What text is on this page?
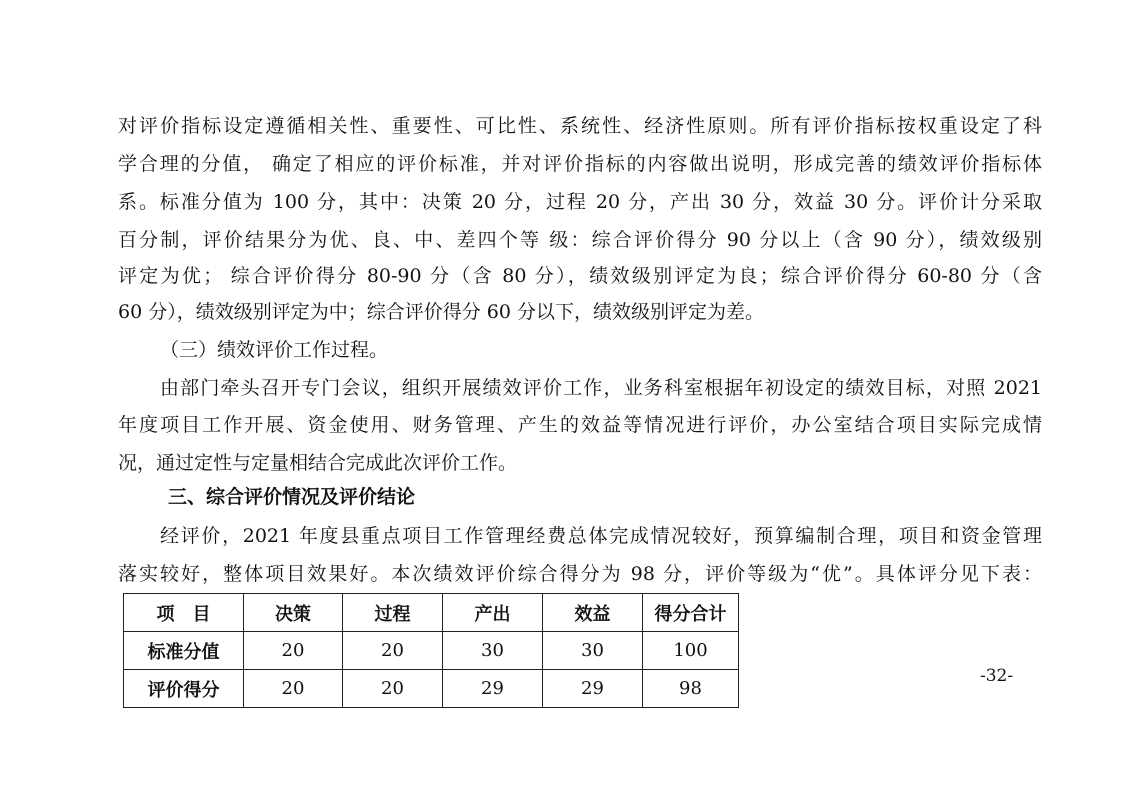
对评价指标设定遵循相关性、重要性、可比性、系统性、经济性原则。所有评价指标按权重设定了科
学合理的分值， 确定了相应的评价标准，并对评价指标的内容做出说明，形成完善的绩效评价指标体
系。标准分值为 100 分，其中：决策 20 分，过程 20 分，产出 30 分，效益 30 分。评价计分采取
百分制，评价结果分为优、良、中、差四个等 级：综合评价得分 90 分以上（含 90 分），绩效级别
评定为优； 综合评价得分 80-90 分（含 80 分），绩效级别评定为良；综合评价得分 60-80 分（含
60 分），绩效级别评定为中；综合评价得分 60 分以下，绩效级别评定为差。
（三）绩效评价工作过程。
由部门牵头召开专门会议，组织开展绩效评价工作，业务科室根据年初设定的绩效目标，对照 2021
年度项目工作开展、资金使用、财务管理、产生的效益等情况进行评价，办公室结合项目实际完成情
况，通过定性与定量相结合完成此次评价工作。
三、综合评价情况及评价结论
经评价，2021 年度县重点项目工作管理经费总体完成情况较好，预算编制合理，项目和资金管理
落实较好，整体项目效果好。本次绩效评价综合得分为 98 分，评价等级为“优”。具体评分见下表：
项　目	决策	过程	产出	效益	得分合计
标准分值	20	20	30	30	100
评价得分	20	20	29	29	98
-32-
